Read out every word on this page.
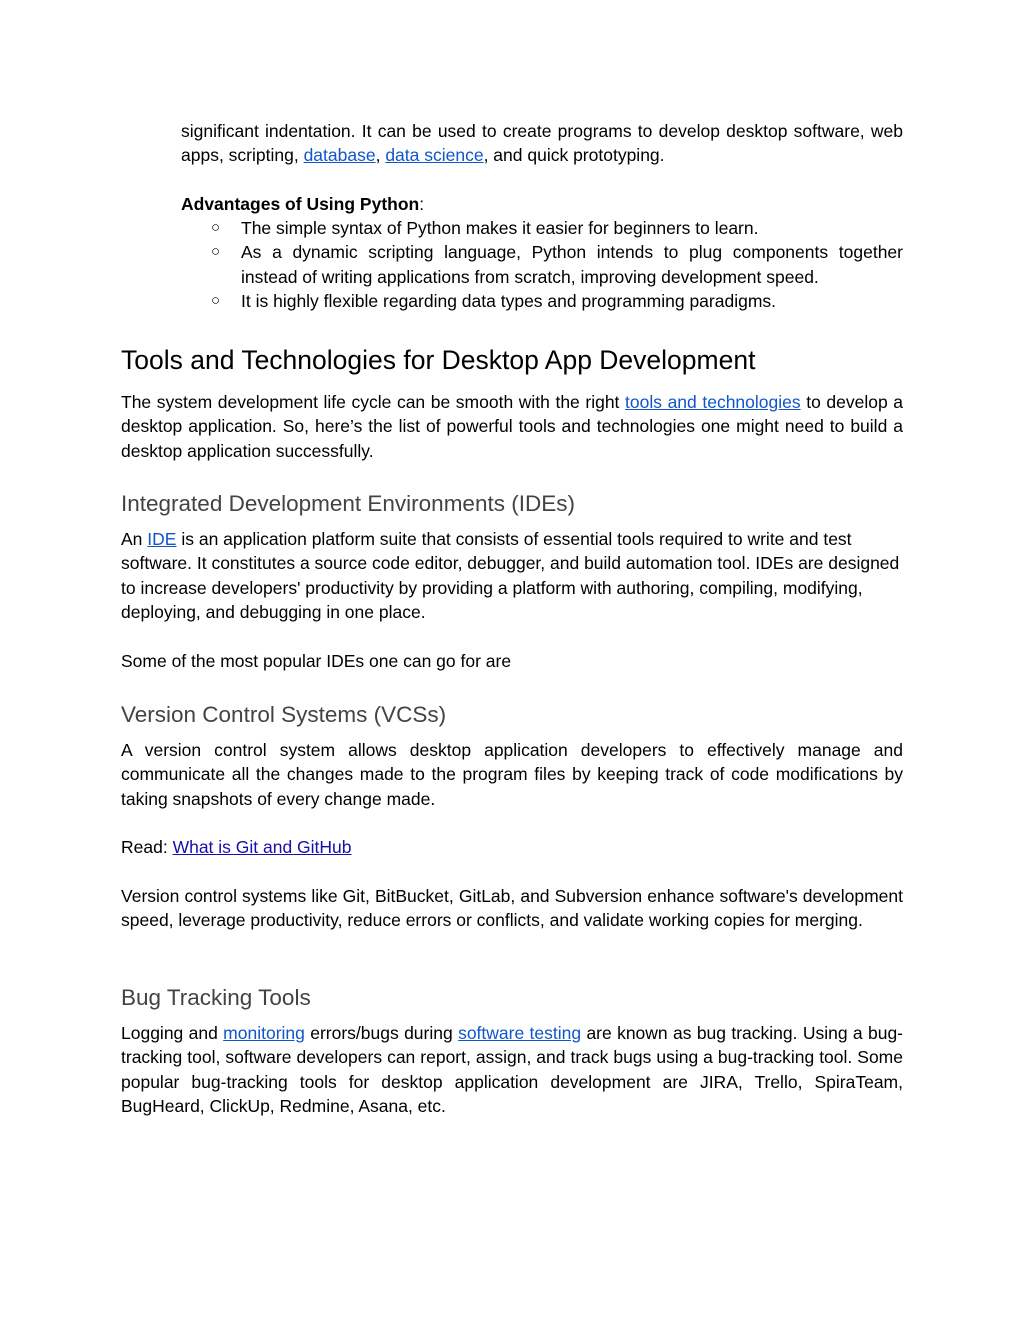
significant indentation. It can be used to create programs to develop desktop software, web apps, scripting, database, data science, and quick prototyping.

Advantages of Using Python:

○ The simple syntax of Python makes it easier for beginners to learn.
○ As a dynamic scripting language, Python intends to plug components together instead of writing applications from scratch, improving development speed.
○ It is highly flexible regarding data types and programming paradigms.
Tools and Technologies for Desktop App Development

The system development life cycle can be smooth with the right tools and technologies to develop a desktop application. So, here’s the list of powerful tools and technologies one might need to build a desktop application successfully.

Integrated Development Environments (IDEs)

An IDE is an application platform suite that consists of essential tools required to write and test software. It constitutes a source code editor, debugger, and build automation tool. IDEs are designed to increase developers' productivity by providing a platform with authoring, compiling, modifying, deploying, and debugging in one place.

Some of the most popular IDEs one can go for are

Version Control Systems (VCSs)

A version control system allows desktop application developers to effectively manage and communicate all the changes made to the program files by keeping track of code modifications by taking snapshots of every change made.

Read: What is Git and GitHub

Version control systems like Git, BitBucket, GitLab, and Subversion enhance software's development speed, leverage productivity, reduce errors or conflicts, and validate working copies for merging.

Bug Tracking Tools

Logging and monitoring errors/bugs during software testing are known as bug tracking. Using a bug-tracking tool, software developers can report, assign, and track bugs using a bug-tracking tool. Some popular bug-tracking tools for desktop application development are JIRA, Trello, SpiraTeam, BugHeard, ClickUp, Redmine, Asana, etc.
